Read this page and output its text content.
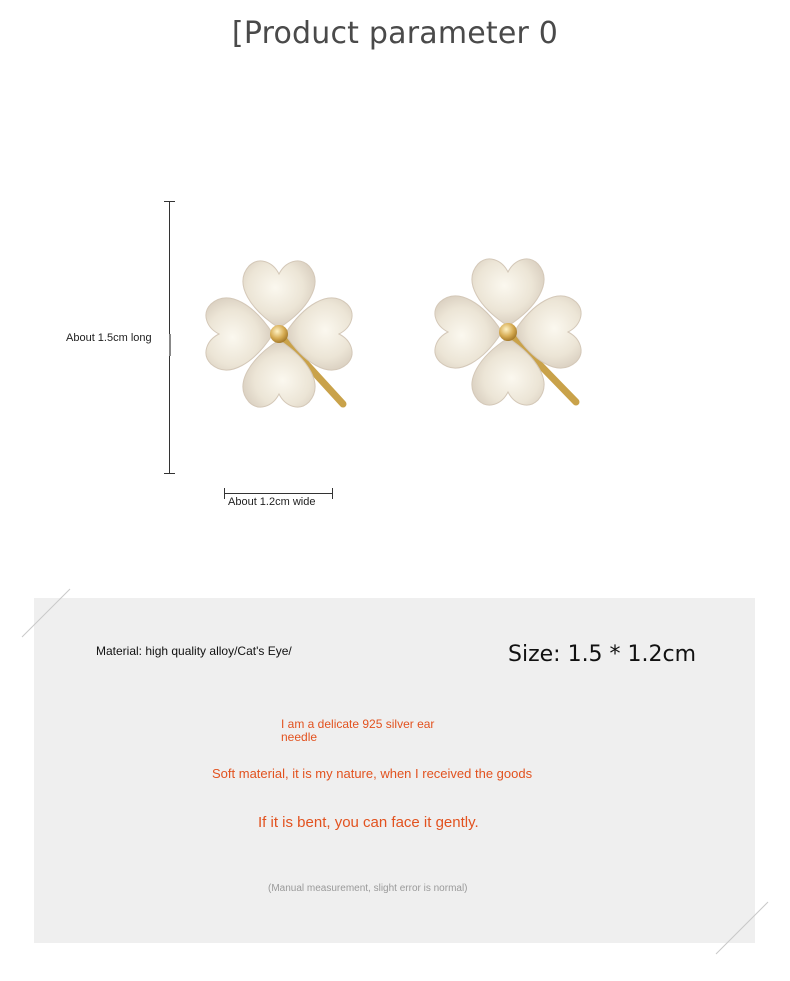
[Product parameter 0
About 1.5cm long
About 1.2cm wide
Material: high quality alloy/Cat's Eye/	Size: 1.5 * 1.2cm
I am a delicate 925 silver ear needle
Soft material, it is my nature, when I received the goods
If it is bent, you can face it gently.
(Manual measurement, slight error is normal)
